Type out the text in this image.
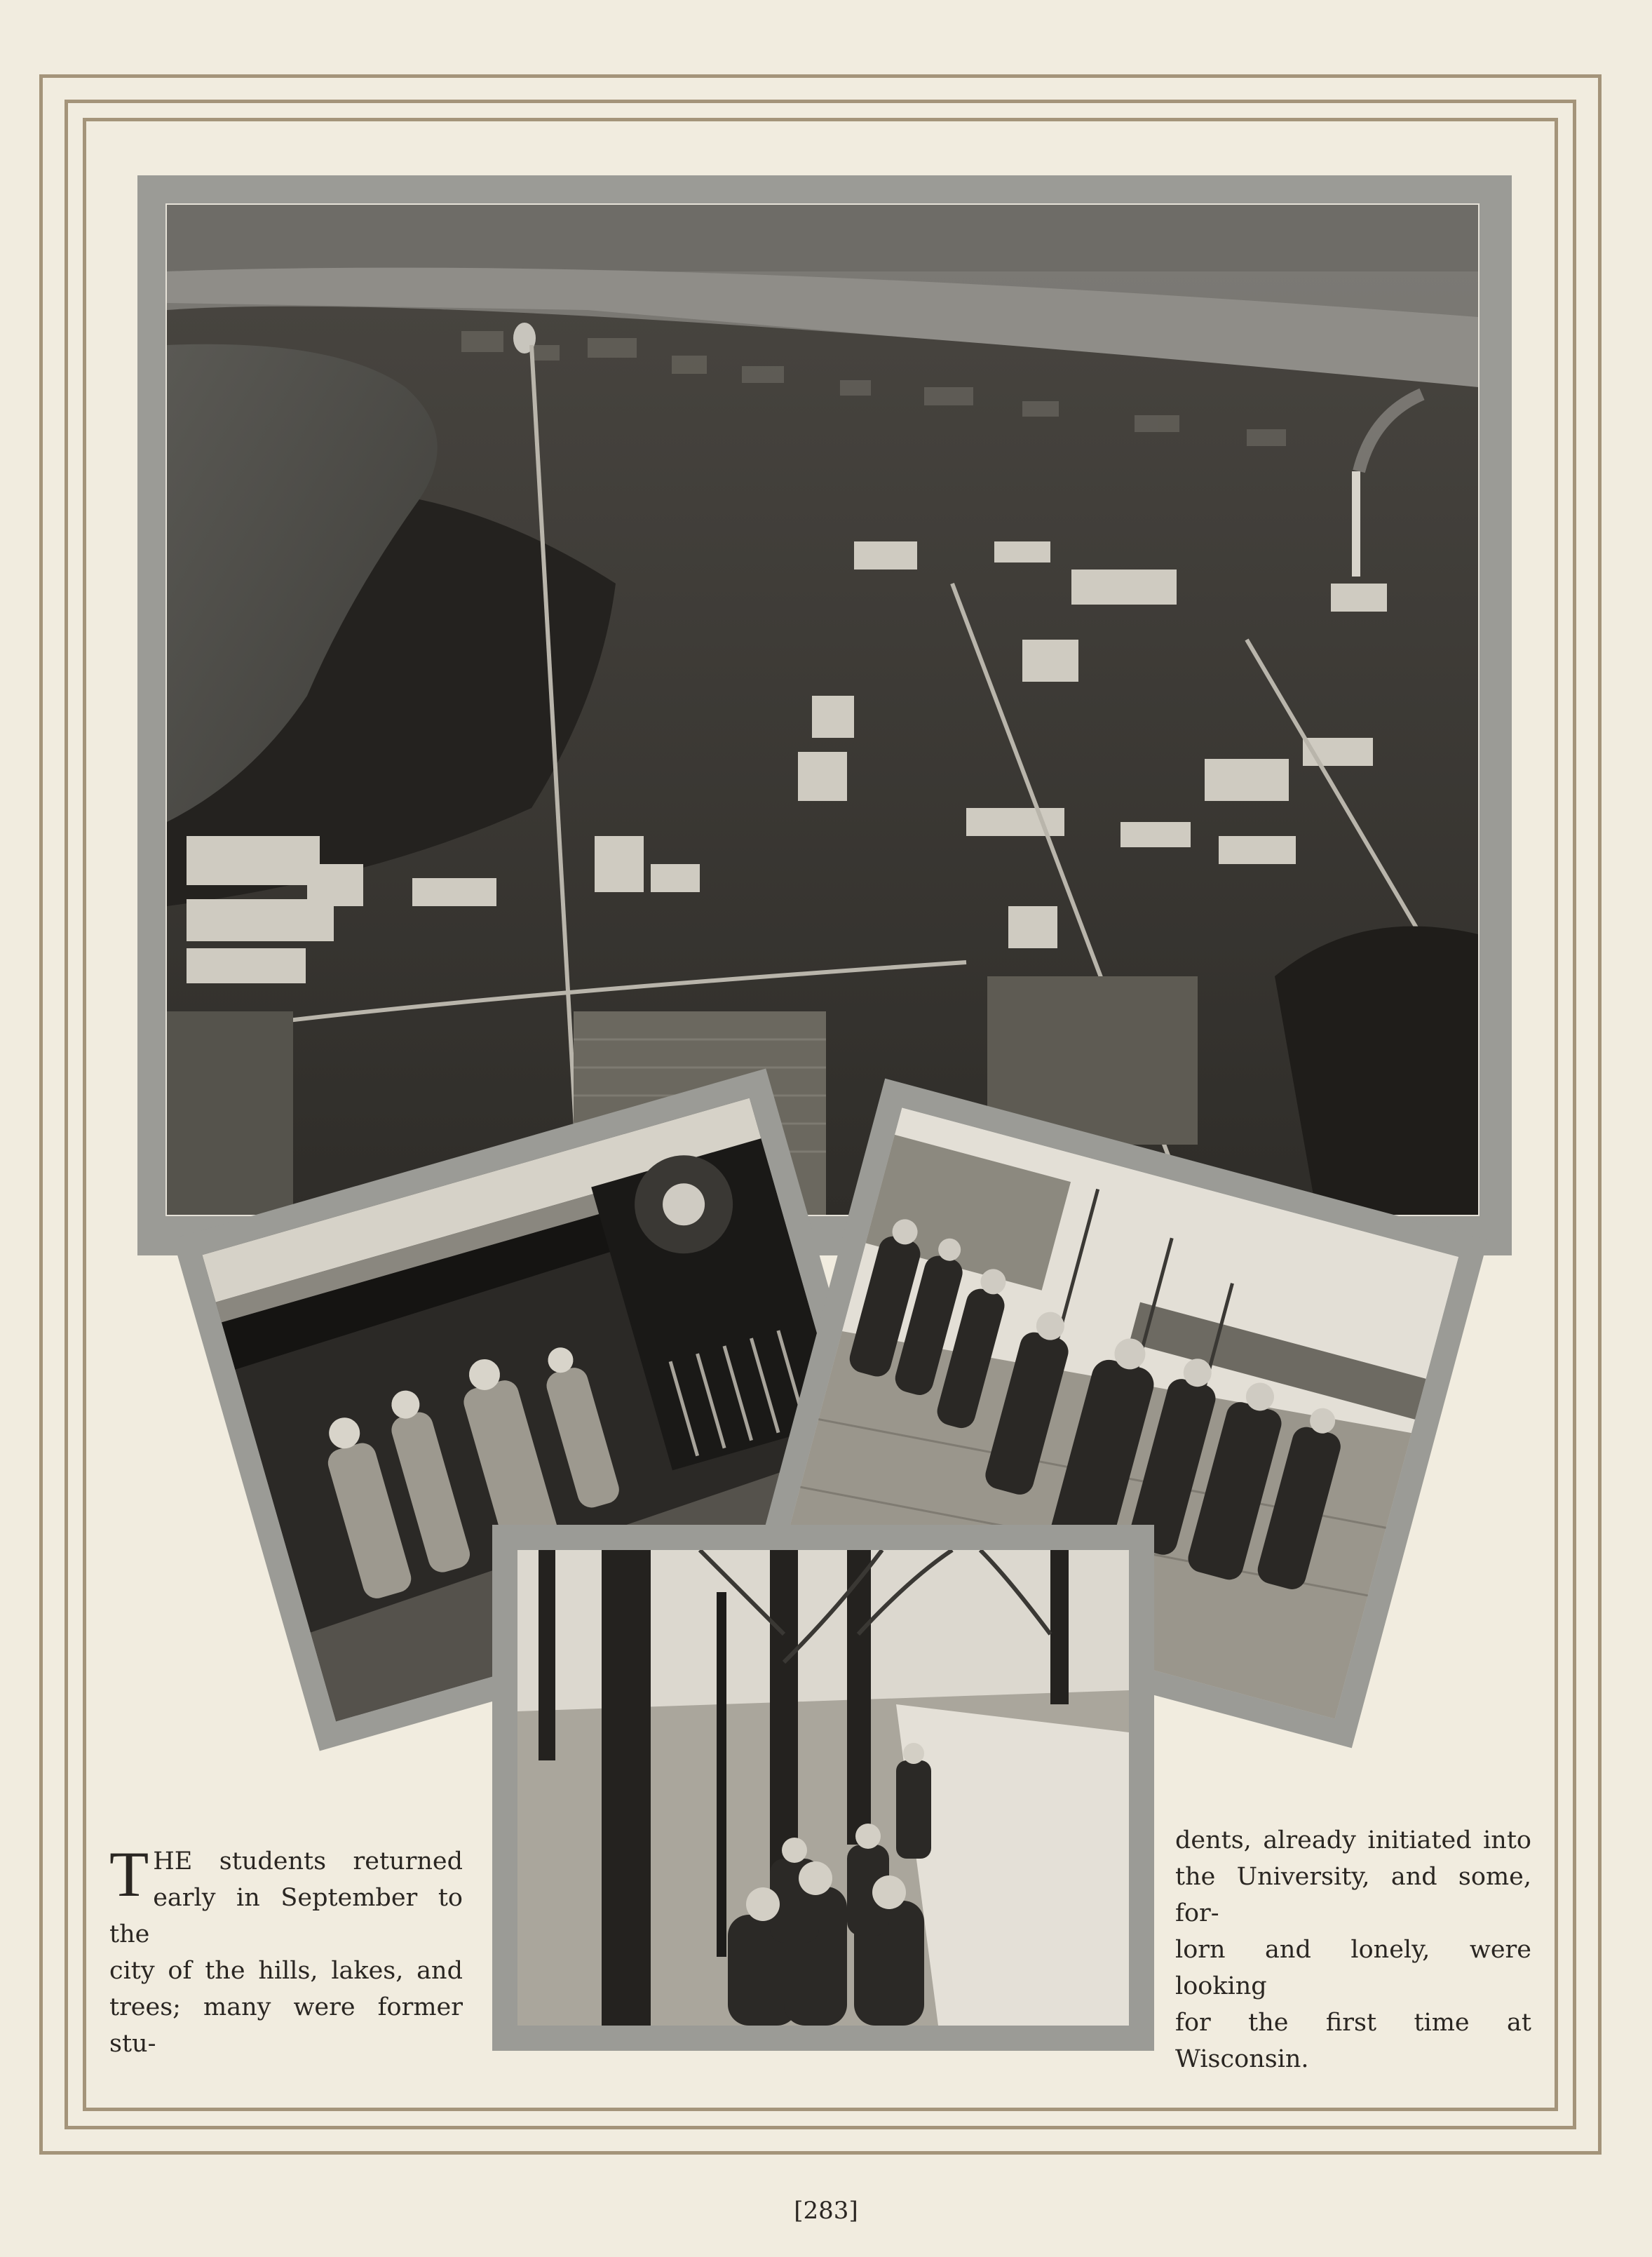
T HE students returned

early in September to the

city of the hills, lakes, and

trees; many were former stu-

dents, already initiated into

the University, and some, for-

lorn and lonely, were looking

for the first time at Wisconsin.

[283]
